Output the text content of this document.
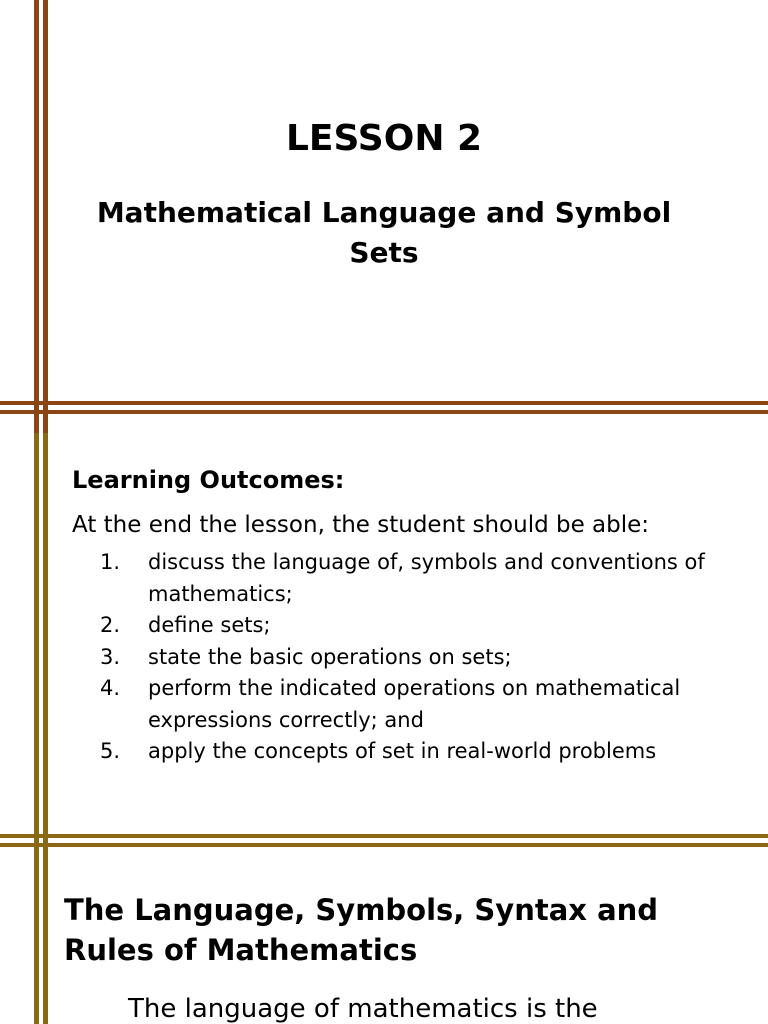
LESSON 2
Mathematical Language and Symbol Sets
Learning Outcomes:
At the end the lesson, the student should be able:
1. discuss the language of, symbols and conventions of mathematics;
2. define sets;
3. state the basic operations on sets;
4. perform the indicated operations on mathematical expressions correctly; and
5. apply the concepts of set in real-world problems
The Language, Symbols, Syntax and Rules of Mathematics
The language of mathematics is the
